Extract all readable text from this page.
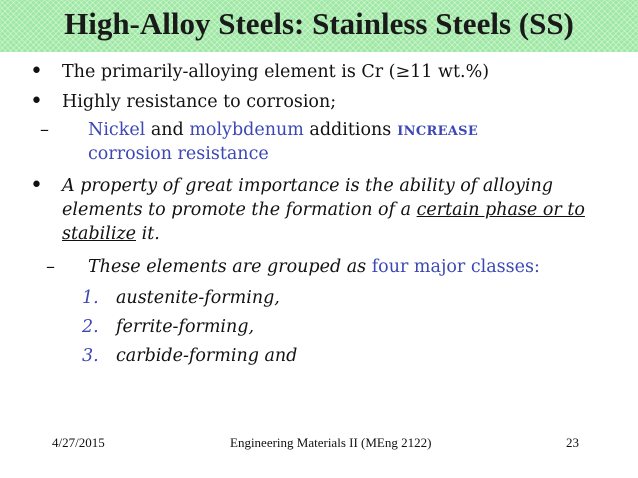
High-Alloy Steels: Stainless Steels (SS)
• The primarily-alloying element is Cr (≥11 wt.%)
• Highly resistance to corrosion;
– Nickel and molybdenum additions INCREASE
corrosion resistance
• A property of great importance is the ability of alloying
elements to promote the formation of a certain phase or to
stabilize it.
– These elements are grouped as four major classes:
1. austenite-forming,
2. ferrite-forming,
3. carbide-forming and
4/27/2015	Engineering Materials II (MEng 2122)	23
